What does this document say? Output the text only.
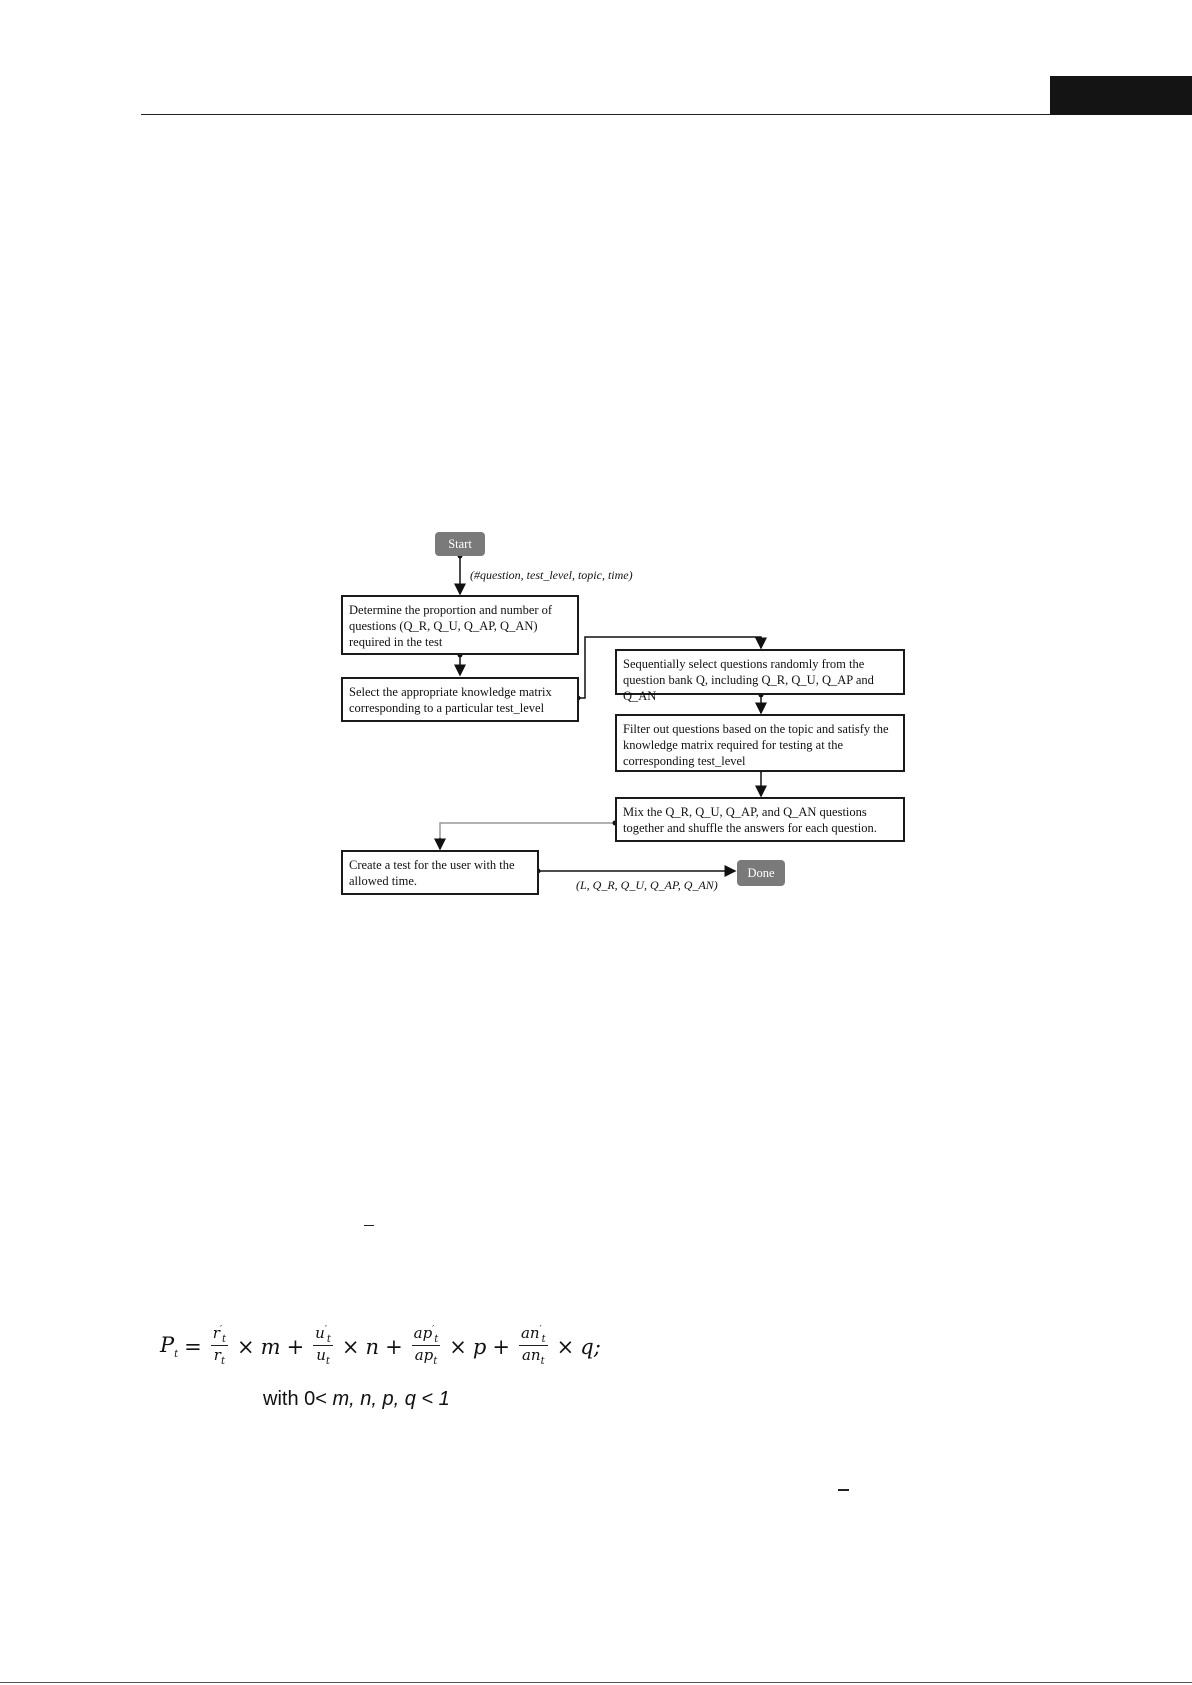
Start
(#question, test_level, topic, time)
Determine the proportion and number of questions (Q_R, Q_U, Q_AP, Q_AN) required in the test
Select the appropriate knowledge matrix corresponding to a particular test_level
Sequentially select questions randomly from the question bank Q, including Q_R, Q_U, Q_AP and Q_AN
Filter out questions based on the topic and satisfy the knowledge matrix required for testing at the corresponding test_level
Mix the Q_R, Q_U, Q_AP, and Q_AN questions together and shuffle the answers for each question.
Create a test for the user with the allowed time.
Done
(L, Q_R, Q_U, Q_AP, Q_AN)
$P_t = \frac{r'_t}{r_t} \times m + \frac{u'_t}{u_t} \times n + \frac{ap'_t}{ap_t} \times p + \frac{an'_t}{an_t} \times q$ ;
with 0< m, n, p, q < 1
